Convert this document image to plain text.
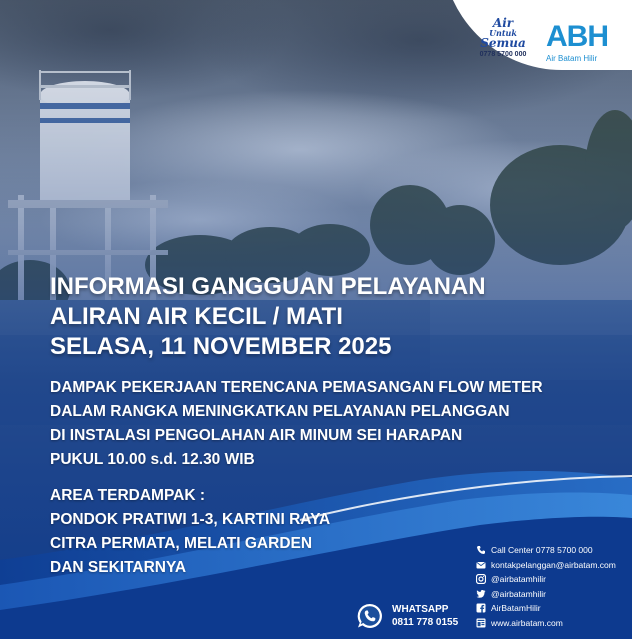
Air
Untuk
Semua
0778 5700 000
ABH
Air Batam Hilir
INFORMASI GANGGUAN PELAYANAN
ALIRAN AIR KECIL / MATI
SELASA, 11 NOVEMBER 2025
DAMPAK PEKERJAAN TERENCANA PEMASANGAN FLOW METER
DALAM RANGKA MENINGKATKAN PELAYANAN PELANGGAN
DI INSTALASI PENGOLAHAN AIR MINUM SEI HARAPAN
PUKUL 10.00 s.d. 12.30 WIB
AREA TERDAMPAK :
PONDOK PRATIWI 1-3, KARTINI RAYA
CITRA PERMATA, MELATI GARDEN
DAN SEKITARNYA
Call Center 0778 5700 000
kontakpelanggan@airbatam.com
@airbatamhilir
@airbatamhilir
AirBatamHilir
www.airbatam.com
WHATSAPP
0811 778 0155
